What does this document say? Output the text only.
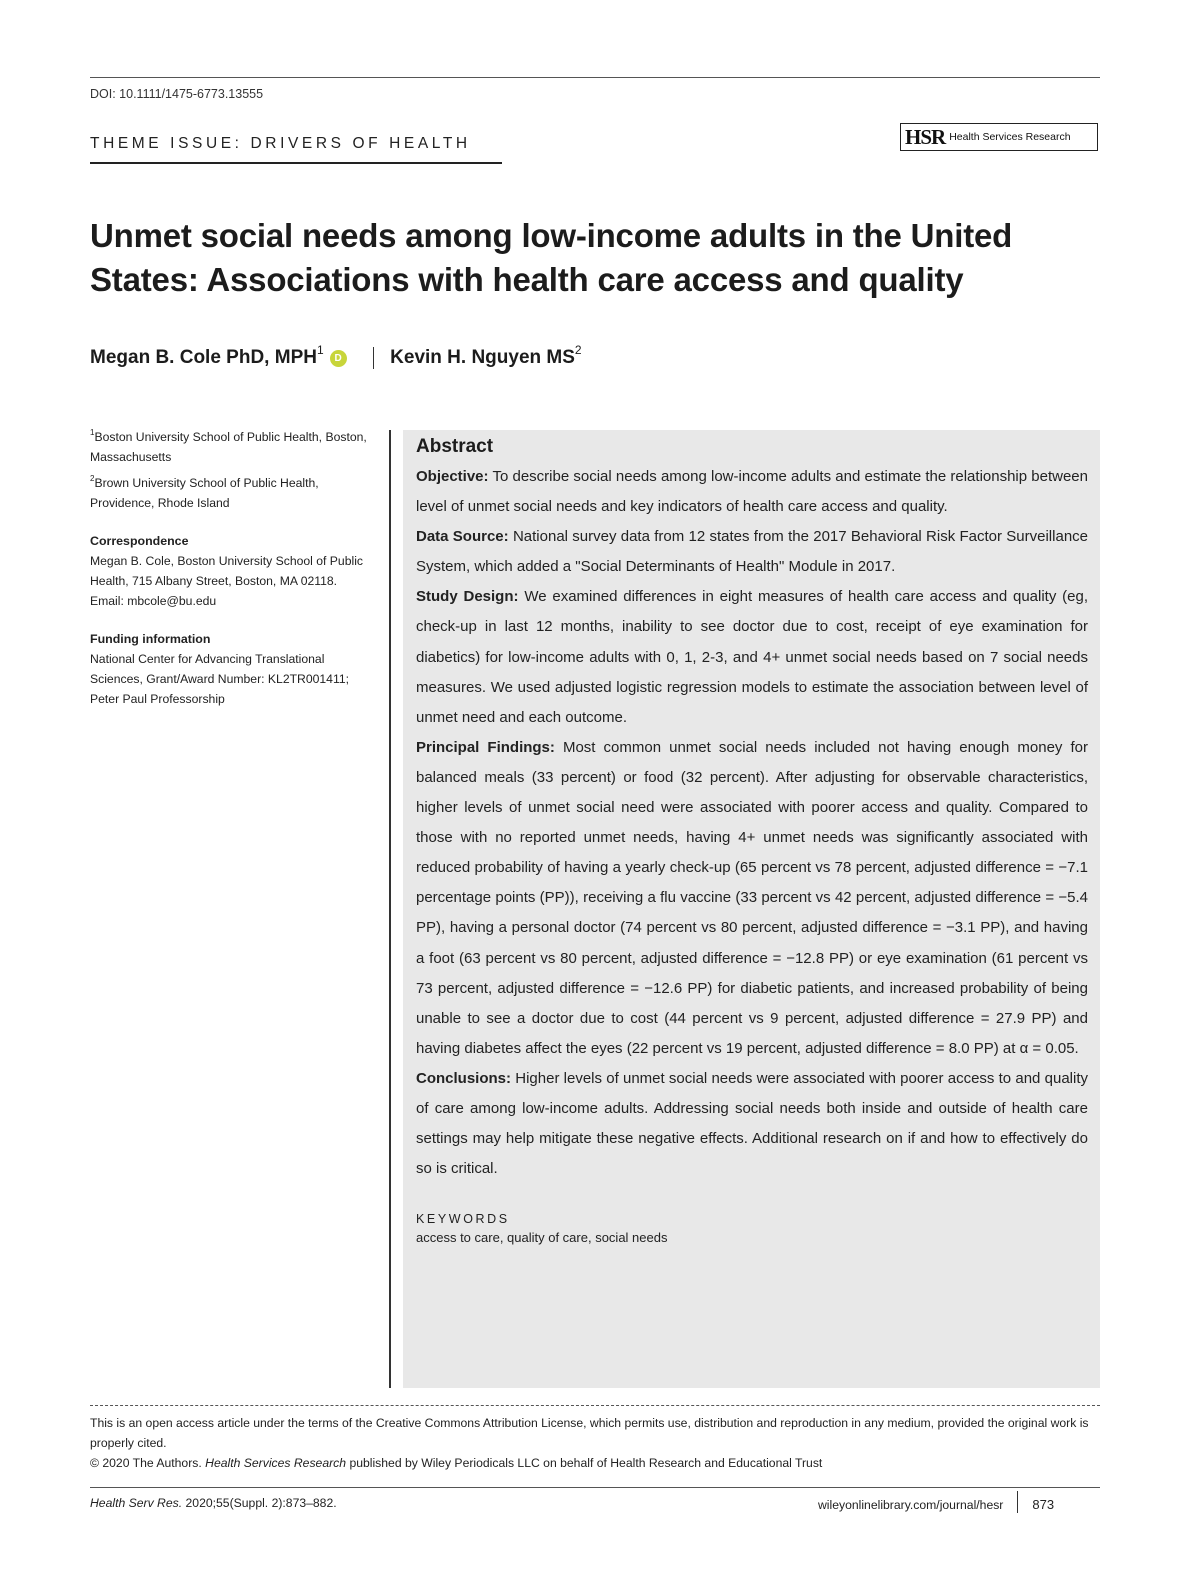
DOI: 10.1111/1475-6773.13555
THEME ISSUE: DRIVERS OF HEALTH	HSR Health Services Research
Unmet social needs among low-income adults in the United States: Associations with health care access and quality
Megan B. Cole PhD, MPH$^1$
D	Kevin H. Nguyen $MS^2$
$^1$Boston University School of Public Health, Boston, Massachusetts
$^2$Brown University School of Public Health, Providence, Rhode Island
Correspondence
Megan B. Cole, Boston University School of Public Health, 715 Albany Street, Boston, MA 02118.
Email: mbcole@bu.edu
Funding information
National Center for Advancing Translational Sciences, Grant/Award Number: KL2TR001411; Peter Paul Professorship
Abstract

Objective: To describe social needs among low-income adults and estimate the relationship between level of unmet social needs and key indicators of health care access and quality.

Data Source: National survey data from 12 states from the 2017 Behavioral Risk Factor Surveillance System, which added a "Social Determinants of Health" Module in 2017.

Study Design: We examined differences in eight measures of health care access and quality (eg, check-up in last 12 months, inability to see doctor due to cost, receipt of eye examination for diabetics) for low-income adults with 0, 1, 2-3, and 4+ unmet social needs based on 7 social needs measures. We used adjusted logistic regression models to estimate the association between level of unmet need and each outcome.

Principal Findings: Most common unmet social needs included not having enough money for balanced meals (33 percent) or food (32 percent). After adjusting for observable characteristics, higher levels of unmet social need were associated with poorer access and quality. Compared to those with no reported unmet needs, having 4+ unmet needs was significantly associated with reduced probability of having a yearly check-up (65 percent vs 78 percent, adjusted difference = −7.1 percentage points (PP)), receiving a flu vaccine (33 percent vs 42 percent, adjusted difference = −5.4 PP), having a personal doctor (74 percent vs 80 percent, adjusted difference = −3.1 PP), and having a foot (63 percent vs 80 percent, adjusted difference = −12.8 PP) or eye examination (61 percent vs 73 percent, adjusted difference = −12.6 PP) for diabetic patients, and increased probability of being unable to see a doctor due to cost (44 percent vs 9 percent, adjusted difference = 27.9 PP) and having diabetes affect the eyes (22 percent vs 19 percent, adjusted difference = 8.0 PP) at α = 0.05.

Conclusions: Higher levels of unmet social needs were associated with poorer access to and quality of care among low-income adults. Addressing social needs both inside and outside of health care settings may help mitigate these negative effects. Additional research on if and how to effectively do so is critical.

KEYWORDS
access to care, quality of care, social needs
This is an open access article under the terms of the Creative Commons Attribution License, which permits use, distribution and reproduction in any medium, provided the original work is properly cited.
© 2020 The Authors. Health Services Research published by Wiley Periodicals LLC on behalf of Health Research and Educational Trust
Health Serv Res. 2020;55(Suppl. 2):873–882.	wileyonlinelibrary.com/journal/hesr 873
